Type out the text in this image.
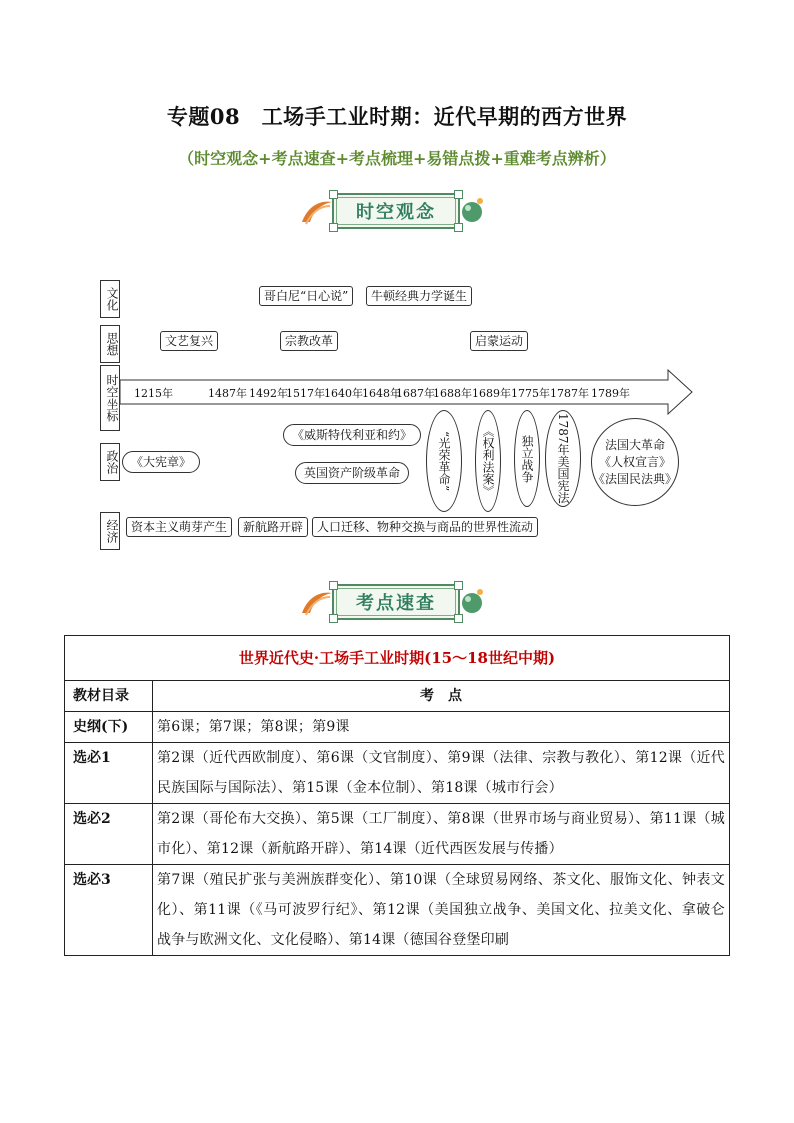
专题08　工场手工业时期：近代早期的西方世界
（时空观念+考点速查+考点梳理+易错点拨+重难考点辨析）
时空观念
文化
思想
时空坐标
政治
经济
1215年	1487年 1492年
1517年 1640年 1648年
1687年
1688年 1689年 1775年 1787年 1789年
哥白尼“日心说”	牛顿经典力学诞生
文艺复兴	宗教改革	启蒙运动
《大宪章》
《威斯特伐利亚和约》
英国资产阶级革命	“光荣革命”	《权利法案》 独立战争 1787年美国宪法	法国大革命
《人权宣言》
《法国民法典》
资本主义萌芽产生	新航路开辟	人口迁移、物种交换与商品的世界性流动
考点速查
世界近代史·工场手工业时期(15～18世纪中期)	
教材目录	考　点
史纲(下)	第6课；第7课；第8课；第9课
选必1	第2课（近代西欧制度）、第6课（文官制度）、第9课（法律、宗教与教化）、第12课（近代民族国际与国际法）、第15课（金本位制）、第18课（城市行会）
选必2	第2课（哥伦布大交换）、第5课（工厂制度）、第8课（世界市场与商业贸易）、第11课（城市化）、第12课（新航路开辟）、第14课（近代西医发展与传播）
选必3	第7课（殖民扩张与美洲族群变化）、第10课（全球贸易网络、茶文化、服饰文化、钟表文化）、第11课（《马可波罗行纪》、第12课（美国独立战争、美国文化、拉美文化、拿破仑战争与欧洲文化、文化侵略）、第14课（德国谷登堡印刷
